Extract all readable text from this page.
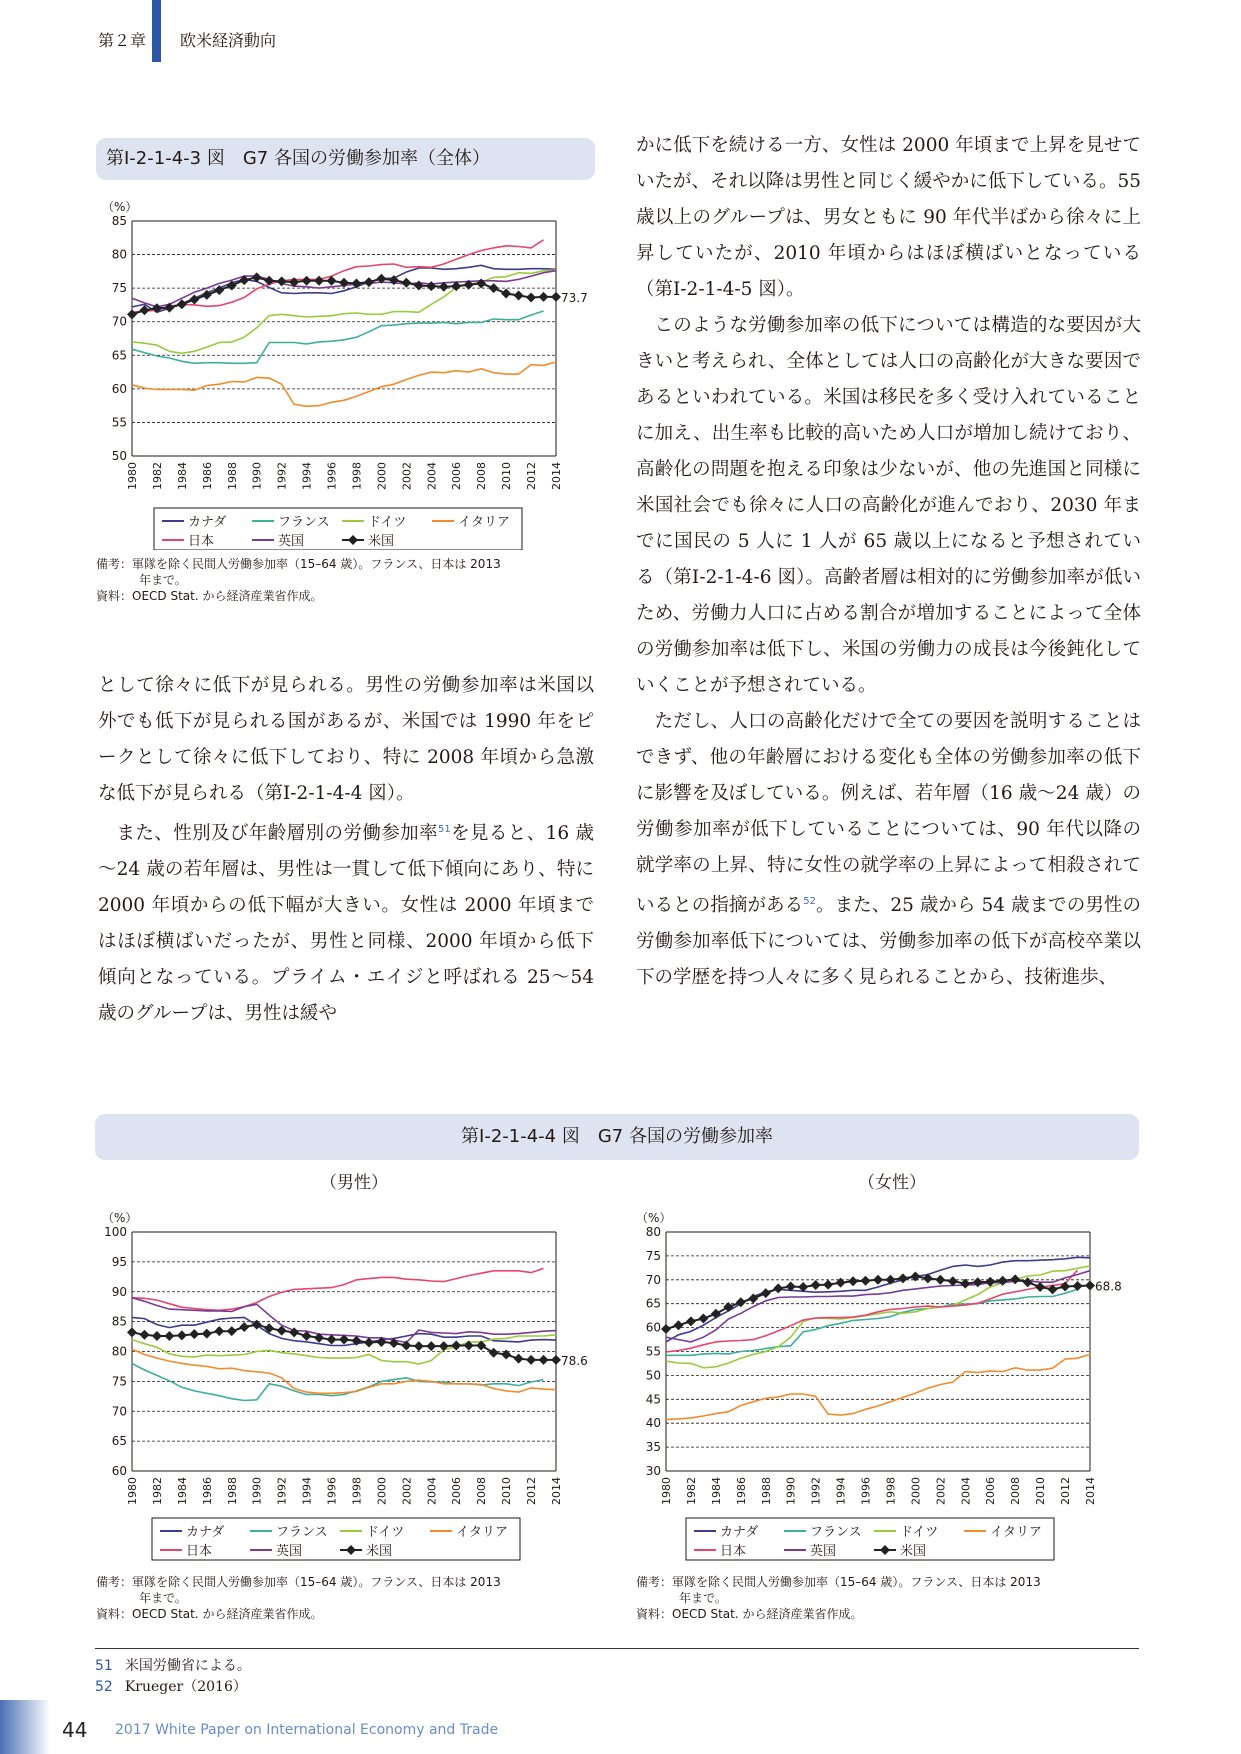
第２章 欧米経済動向
第Ⅰ-2-1-4-3 図　G7 各国の労働参加率（全体）
（%）
50
55
60
65
70
75
80
85
1980 1982 1984 1986 1988 1990 1992 1994 1996 1998 2000 2002 2004 2006 2008 2010 2012 2014
73.7
カナダ	フランス	ドイツ	イタリア
日本	英国	米国
備考：軍隊を除く民間人労働参加率（15–64 歳）。フランス、日本は 2013
年まで。
資料：OECD Stat. から経済産業省作成。

として徐々に低下が見られる。男性の労働参加率は米国以外でも低下が見られる国があるが、米国では 1990 年をピークとして徐々に低下しており、特に 2008 年頃から急激な低下が見られる（第Ⅰ-2-1-4-4 図）。

また、性別及び年齢層別の労働参加率$^{51}$を見ると、16 歳～24 歳の若年層は、男性は一貫して低下傾向にあり、特に 2000 年頃からの低下幅が大きい。女性は 2000 年頃まではほぼ横ばいだったが、男性と同様、2000 年頃から低下傾向となっている。プライム・エイジと呼ばれる 25～54 歳のグループは、男性は緩や

かに低下を続ける一方、女性は 2000 年頃まで上昇を見せていたが、それ以降は男性と同じく緩やかに低下している。55 歳以上のグループは、男女ともに 90 年代半ばから徐々に上昇していたが、2010 年頃からはほぼ横ばいとなっている（第Ⅰ-2-1-4-5 図）。

このような労働参加率の低下については構造的な要因が大きいと考えられ、全体としては人口の高齢化が大きな要因であるといわれている。米国は移民を多く受け入れていることに加え、出生率も比較的高いため人口が増加し続けており、高齢化の問題を抱える印象は少ないが、他の先進国と同様に米国社会でも徐々に人口の高齢化が進んでおり、2030 年までに国民の 5 人に 1 人が 65 歳以上になると予想されている（第Ⅰ-2-1-4-6 図）。高齢者層は相対的に労働参加率が低いため、労働力人口に占める割合が増加することによって全体の労働参加率は低下し、米国の労働力の成長は今後鈍化していくことが予想されている。

ただし、人口の高齢化だけで全ての要因を説明することはできず、他の年齢層における変化も全体の労働参加率の低下に影響を及ぼしている。例えば、若年層（16 歳～24 歳）の労働参加率が低下していることについては、90 年代以降の就学率の上昇、特に女性の就学率の上昇によって相殺されているとの指摘がある$^{52}$。また、25 歳から 54 歳までの男性の労働参加率低下については、労働参加率の低下が高校卒業以下の学歴を持つ人々に多く見られることから、技術進歩、

第Ⅰ-2-1-4-4 図　G7 各国の労働参加率
（男性）	（女性）
（%）
60
65
70
75
80
85
90
95
100
1980 1982 1984 1986 1988 1990 1992 1994 1996 1998 2000 2002 2004 2006 2008 2010 2012 2014
78.6
カナダ	フランス	ドイツ	イタリア
日本	英国	米国
（%）
30
35
40
45
50
55
60
65
70
75
80
1980 1982 1984 1986 1988 1990 1992 1994 1996 1998 2000 2002 2004 2006 2008 2010 2012 2014
68.8
カナダ	フランス	ドイツ	イタリア
日本	英国	米国
備考：軍隊を除く民間人労働参加率（15–64 歳）。フランス、日本は 2013
年まで。
資料：OECD Stat. から経済産業省作成。
備考：軍隊を除く民間人労働参加率（15–64 歳）。フランス、日本は 2013
年まで。
資料：OECD Stat. から経済産業省作成。
51 米国労働省による。
52 Krueger（2016）
44 2017 White Paper on International Economy and Trade
